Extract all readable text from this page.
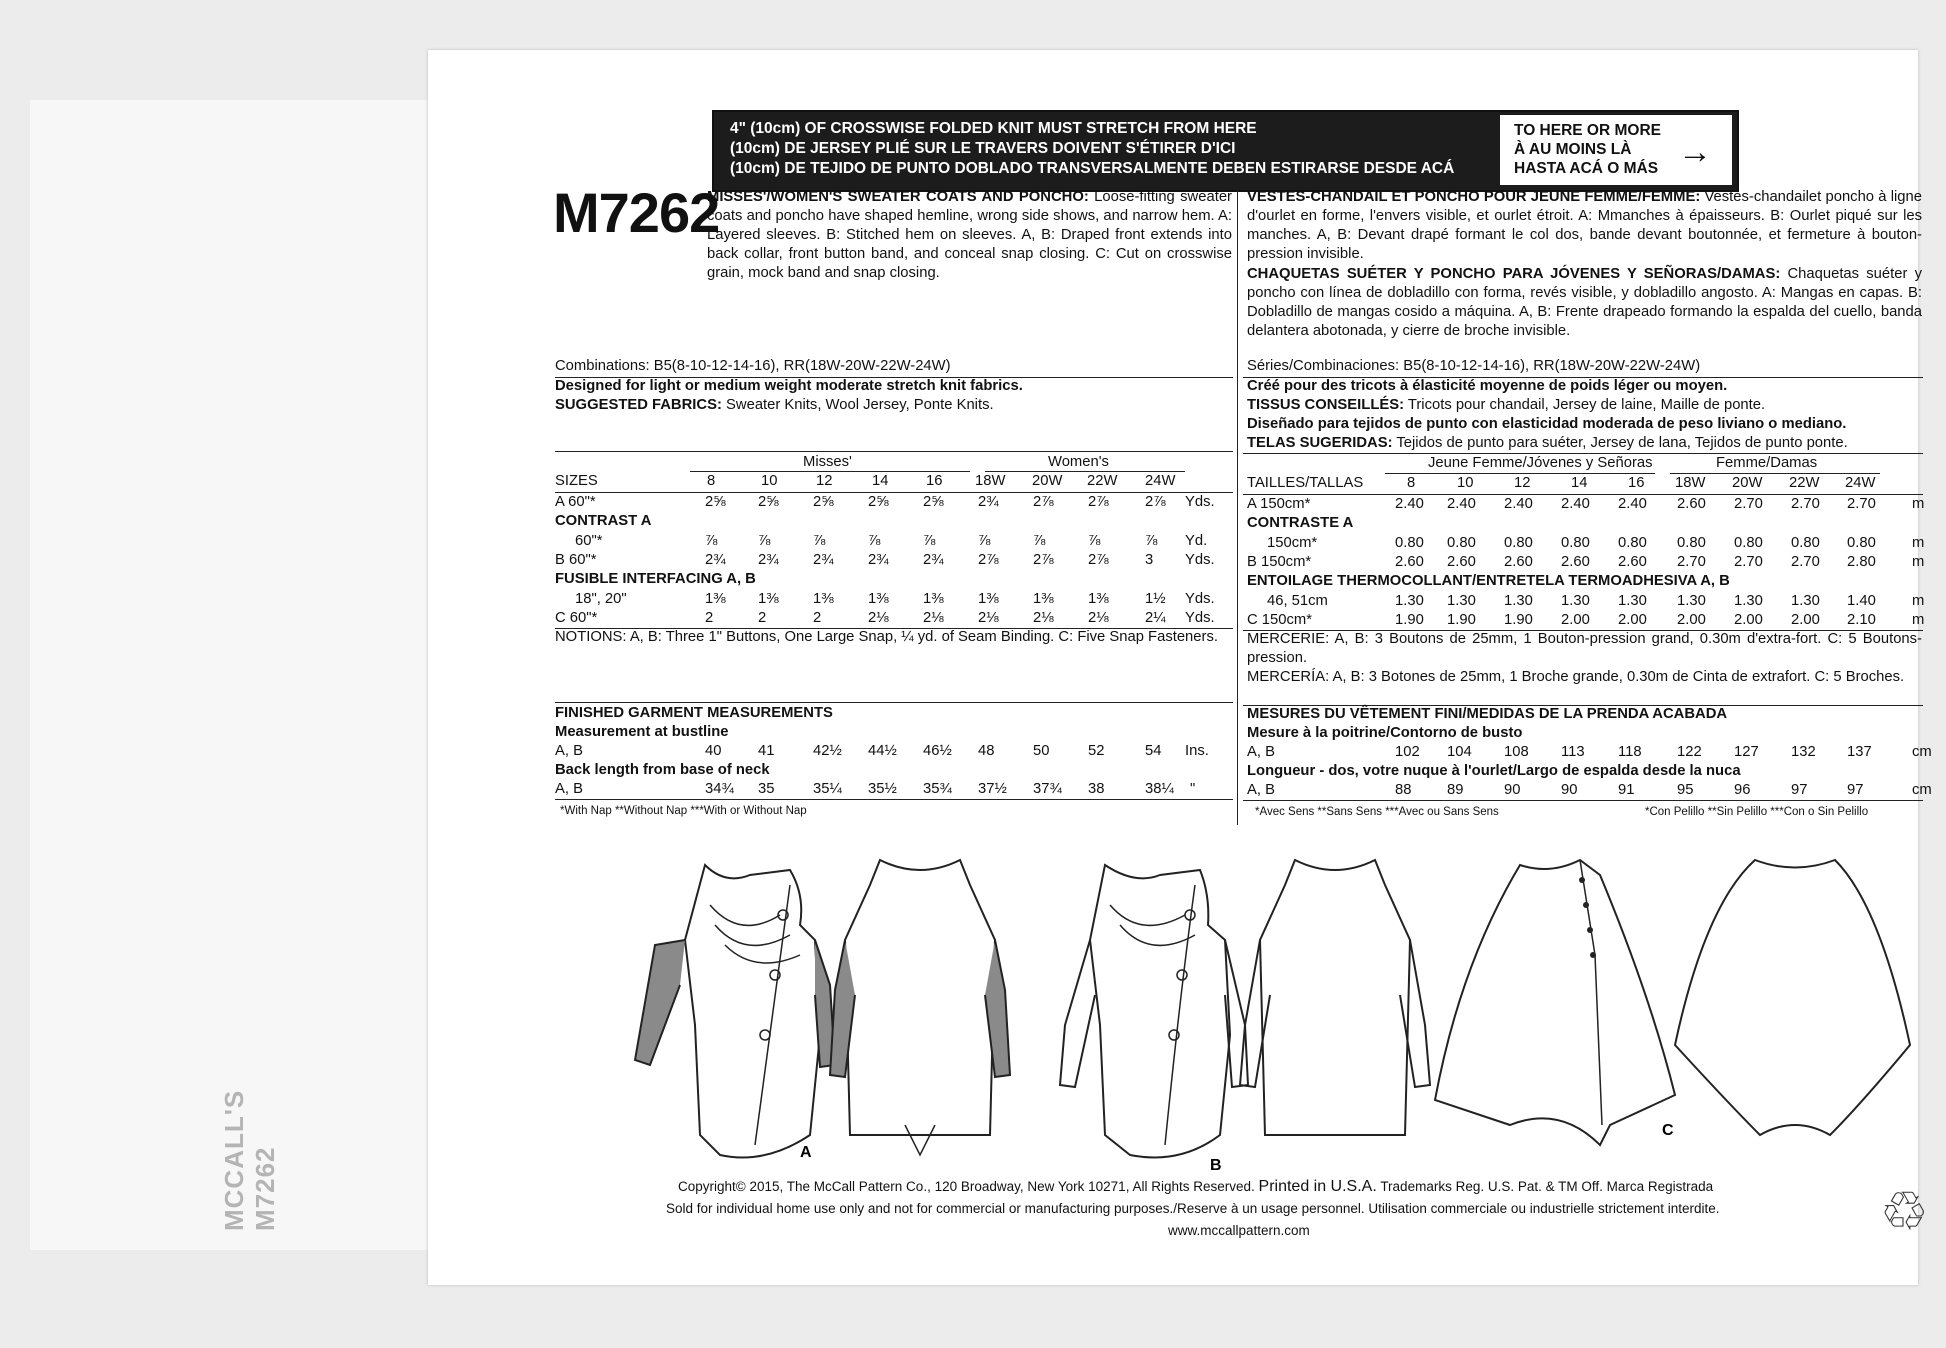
MCCALL'S M7262
4" (10cm) OF CROSSWISE FOLDED KNIT MUST STRETCH FROM HERE
(10cm) DE JERSEY PLIÉ SUR LE TRAVERS DOIVENT S'ÉTIRER D'ICI
(10cm) DE TEJIDO DE PUNTO DOBLADO TRANSVERSALMENTE DEBEN ESTIRARSE DESDE ACÁ
TO HERE OR MORE
À AU MOINS LÀ
HASTA ACÁ O MÁS →
M7262
MISSES'/WOMEN'S SWEATER COATS AND PONCHO: Loose-fitting sweater coats and poncho have shaped hemline, wrong side shows, and narrow hem. A: Layered sleeves. B: Stitched hem on sleeves. A, B: Draped front extends into back collar, front button band, and conceal snap closing. C: Cut on crosswise grain, mock band and snap closing.
VESTES-CHANDAIL ET PONCHO POUR JEUNE FEMME/FEMME: Vestes-chandailet poncho à ligne d'ourlet en forme, l'envers visible, et ourlet étroit. A: Mmanches à épaisseurs. B: Ourlet piqué sur les manches. A, B: Devant drapé formant le col dos, bande devant boutonnée, et fermeture à bouton-pression invisible.
CHAQUETAS SUÉTER Y PONCHO PARA JÓVENES Y SEÑORAS/DAMAS: Chaquetas suéter y poncho con línea de dobladillo con forma, revés visible, y dobladillo angosto. A: Mangas en capas. B: Dobladillo de mangas cosido a máquina. A, B: Frente drapeado formando la espalda del cuello, banda delantera abotonada, y cierre de broche invisible.
Combinations: B5(8-10-12-14-16), RR(18W-20W-22W-24W)
Designed for light or medium weight moderate stretch knit fabrics.
SUGGESTED FABRICS: Sweater Knits, Wool Jersey, Ponte Knits.
Misses'	Women's
SIZES	8	10	12	14	16 18W 20W 22W 24W
A 60"*	2⅝ 2⅝ 2⅝ 2⅝ 2⅝ 2¾ 2⅞ 2⅞ 2⅞ Yds.
CONTRAST A
60"*	⅞	⅞	⅞	⅞	⅞	⅞	⅞	⅞	⅞ Yd.
B 60"*	2¾ 2¾ 2¾ 2¾ 2¾ 2⅞ 2⅞ 2⅞ 3 Yds.
FUSIBLE INTERFACING A, B
18", 20"	1⅜ 1⅜ 1⅜ 1⅜ 1⅜ 1⅜ 1⅜ 1⅜ 1½ Yds.
C 60"*	2	2	2	2⅛ 2⅛ 2⅛ 2⅛ 2⅛ 2¼ Yds.
NOTIONS: A, B: Three 1" Buttons, One Large Snap, ¼ yd. of Seam Binding. C: Five Snap Fasteners.
FINISHED GARMENT MEASUREMENTS
Measurement at bustline
A, B	40 41	42½ 44½ 46½ 48	50	52	54 Ins.
Back length from base of neck
A, B	34¾ 35	35¼ 35½ 35¾ 37½ 37¾ 38	38¼ "
*With Nap **Without Nap ***With or Without Nap
Séries/Combinaciones: B5(8-10-12-14-16), RR(18W-20W-22W-24W)
Créé pour des tricots à élasticité moyenne de poids léger ou moyen.
TISSUS CONSEILLÉS: Tricots pour chandail, Jersey de laine, Maille de ponte.
Diseñado para tejidos de punto con elasticidad moderada de peso liviano o mediano.
TELAS SUGERIDAS: Tejidos de punto para suéter, Jersey de lana, Tejidos de punto ponte.
Jeune Femme/Jóvenes y Señoras	Femme/Damas
TAILLES/TALLAS	8	10	12	14	16 18W 20W 22W 24W
A 150cm*	2.40 2.40 2.40 2.40 2.40 2.60 2.70 2.70 2.70 m
CONTRASTE A
150cm*	0.80 0.80 0.80 0.80 0.80 0.80 0.80 0.80 0.80 m
B 150cm*	2.60 2.60 2.60 2.60 2.60 2.70 2.70 2.70 2.80 m
ENTOILAGE THERMOCOLLANT/ENTRETELA TERMOADHESIVA A, B
46, 51cm	1.30 1.30 1.30 1.30 1.30 1.30 1.30 1.30 1.40 m
C 150cm*	1.90 1.90 1.90 2.00 2.00 2.00 2.00 2.00 2.10 m
MERCERIE: A, B: 3 Boutons de 25mm, 1 Bouton-pression grand, 0.30m d'extra-fort. C: 5 Boutons-pression.
MERCERÍA: A, B: 3 Botones de 25mm, 1 Broche grande, 0.30m de Cinta de extrafort. C: 5 Broches.
MESURES DU VÊTEMENT FINI/MEDIDAS DE LA PRENDA ACABADA
Mesure à la poitrine/Contorno de busto
A, B	102 104 108 113 118 122 127 132 137	cm
Longueur - dos, votre nuque à l'ourlet/Largo de espalda desde la nuca
A, B	88 89	90	90	91	95	96	97	97	cm
*Avec Sens **Sans Sens ***Avec ou Sans Sens	*Con Pelillo **Sin Pelillo ***Con o Sin Pelillo
A
B
C
Copyright© 2015, The McCall Pattern Co., 120 Broadway, New York 10271, All Rights Reserved. Printed in U.S.A. Trademarks Reg. U.S. Pat. & TM Off. Marca Registrada
Sold for individual home use only and not for commercial or manufacturing purposes./Reserve à un usage personnel. Utilisation commerciale ou industrielle strictement interdite.
www.mccallpattern.com	♲
